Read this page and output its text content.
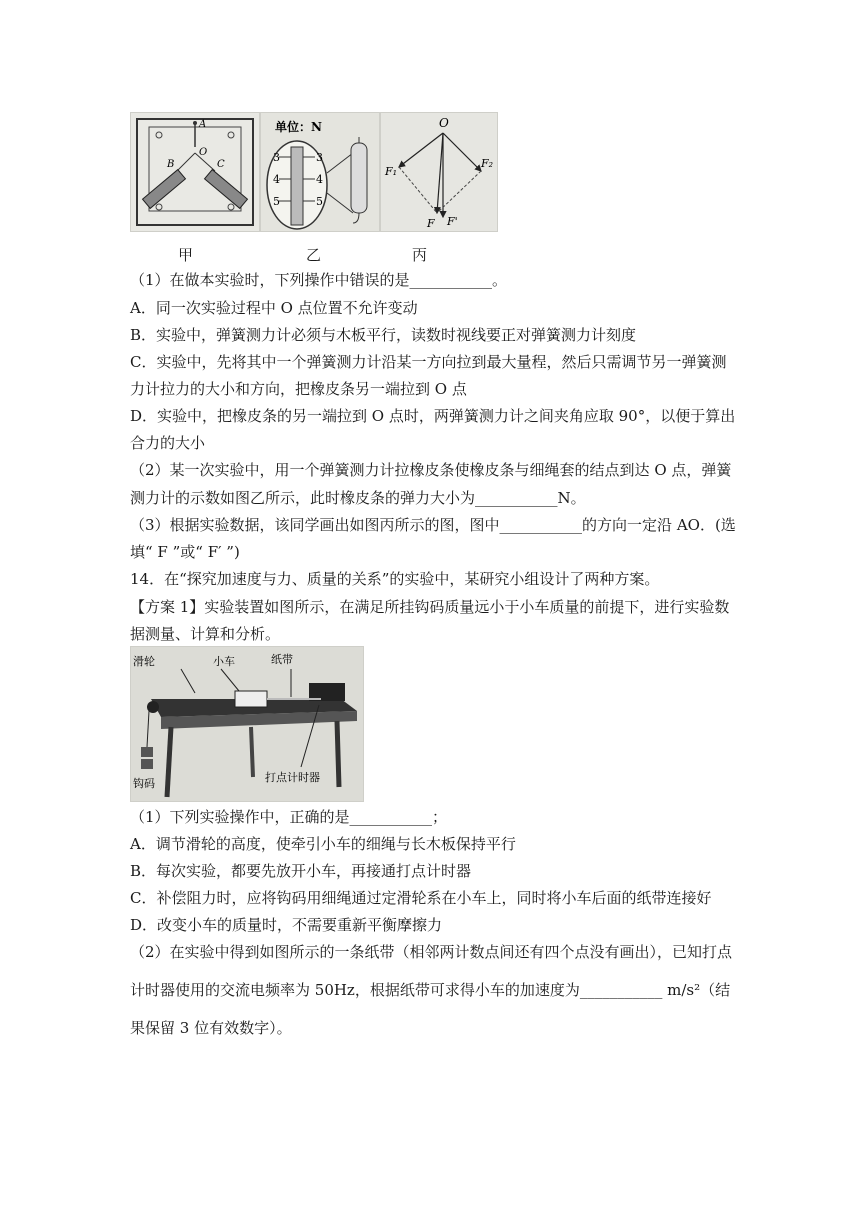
A
O
B	C
单位：N
3
4
5
3
4
5
O
F₁
F₂
F F'
甲	乙	丙
（1）在做本实验时，下列操作中错误的是___________。
A．同一次实验过程中 O 点位置不允许变动
B．实验中，弹簧测力计必须与木板平行，读数时视线要正对弹簧测力计刻度
C．实验中，先将其中一个弹簧测力计沿某一方向拉到最大量程，然后只需调节另一弹簧测
力计拉力的大小和方向，把橡皮条另一端拉到 O 点
D．实验中，把橡皮条的另一端拉到 O 点时，两弹簧测力计之间夹角应取 90°，以便于算出
合力的大小
（2）某一次实验中，用一个弹簧测力计拉橡皮条使橡皮条与细绳套的结点到达 O 点，弹簧
测力计的示数如图乙所示，此时橡皮条的弹力大小为___________N。
（3）根据实验数据，该同学画出如图丙所示的图，图中___________的方向一定沿 AO．(选
填“ F ”或“ F′ ”)
14．在“探究加速度与力、质量的关系”的实验中，某研究小组设计了两种方案。
【方案 1】实验装置如图所示，在满足所挂钩码质量远小于小车质量的前提下，进行实验数
据测量、计算和分析。
滑轮	小车	纸带
钩码	打点计时器
（1）下列实验操作中，正确的是___________；
A．调节滑轮的高度，使牵引小车的细绳与长木板保持平行
B．每次实验，都要先放开小车，再接通打点计时器
C．补偿阻力时，应将钩码用细绳通过定滑轮系在小车上，同时将小车后面的纸带连接好
D．改变小车的质量时，不需要重新平衡摩擦力
（2）在实验中得到如图所示的一条纸带（相邻两计数点间还有四个点没有画出），已知打点
计时器使用的交流电频率为 50Hz，根据纸带可求得小车的加速度为___________ m/s²（结
果保留 3 位有效数字）。
